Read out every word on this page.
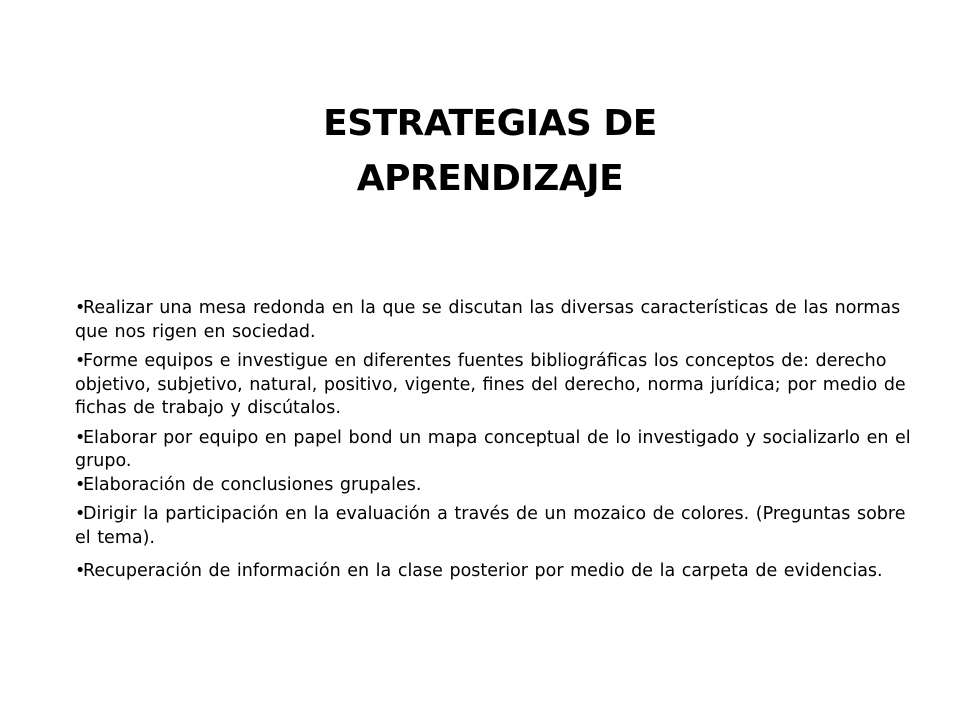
ESTRATEGIAS DE
APRENDIZAJE
•Realizar una mesa redonda en la que se discutan las diversas características de las normas que nos rigen en sociedad.
•Forme equipos e investigue en diferentes fuentes bibliográficas los conceptos de: derecho objetivo, subjetivo, natural, positivo, vigente, fines del derecho, norma jurídica; por medio de fichas de trabajo y discútalos.
•Elaborar por equipo en papel bond un mapa conceptual de lo investigado y socializarlo en el grupo.
•Elaboración de conclusiones grupales.
•Dirigir la participación en la evaluación a través de un mozaico de colores. (Preguntas sobre el tema).
•Recuperación de información en la clase posterior por medio de la carpeta de evidencias.
